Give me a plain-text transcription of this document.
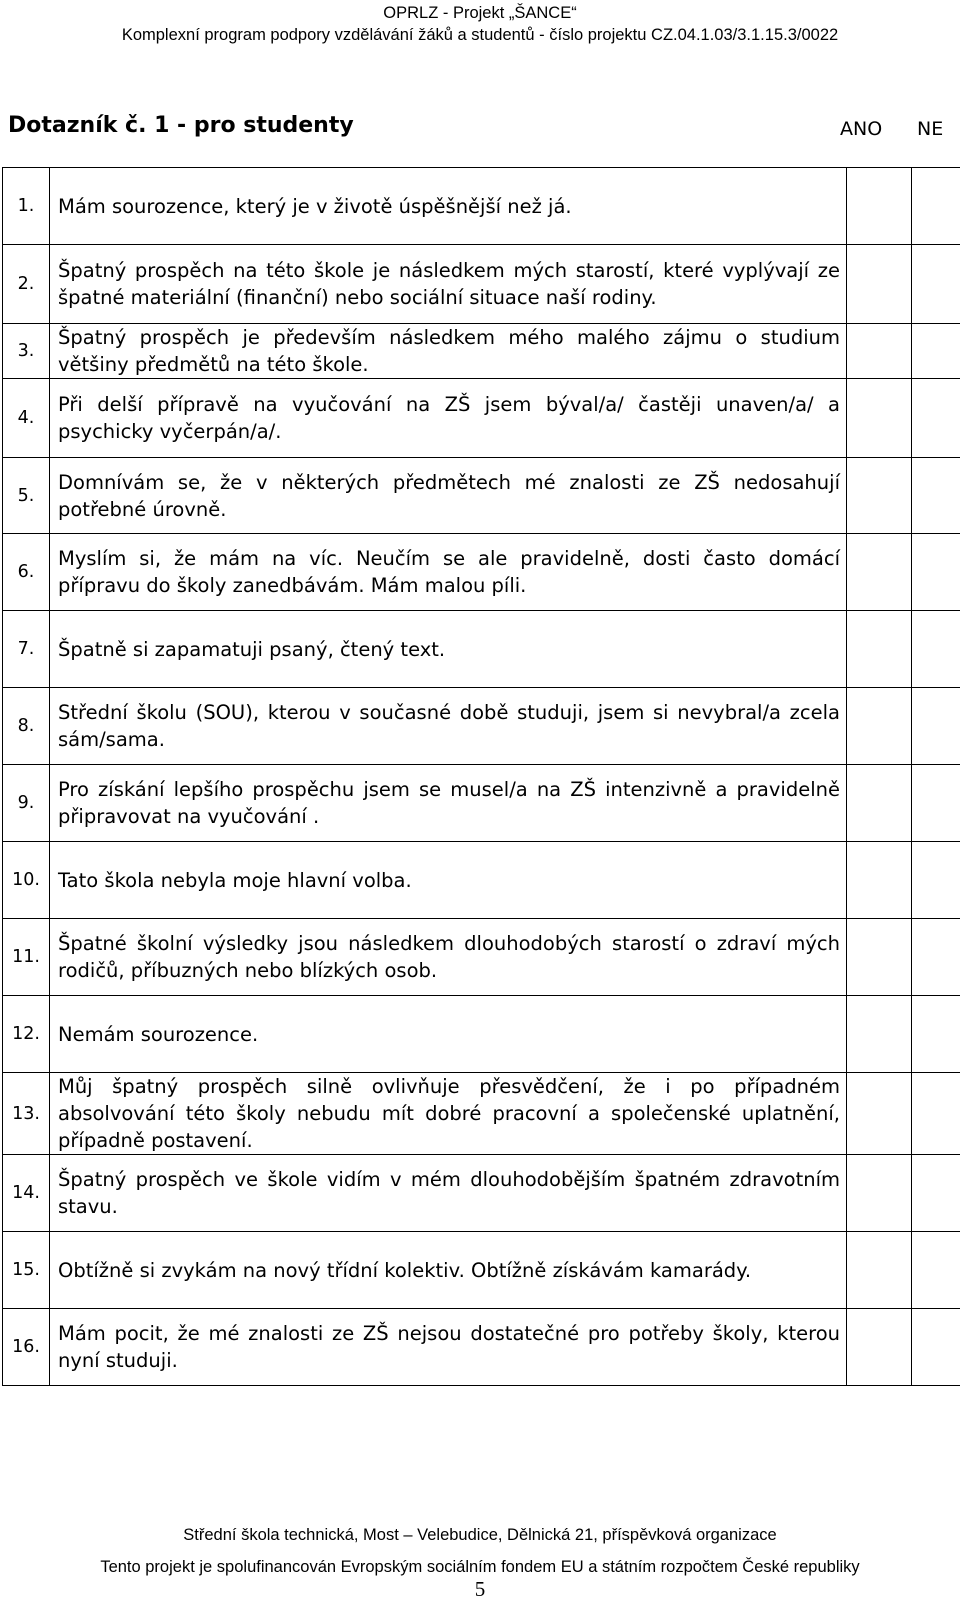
OPRLZ - Projekt „ŠANCE“
Komplexní program podpory vzdělávání žáků a studentů - číslo projektu CZ.04.1.03/3.1.15.3/0022
Dotazník č. 1 - pro studenty	ANO NE
1.	Mám sourozence, který je v životě úspěšnější než já.		
2.	Špatný prospěch na této škole je následkem mých starostí, které vyplývají ze špatné materiální (finanční) nebo sociální situace naší rodiny.		
3.	Špatný prospěch je především následkem mého malého zájmu o studium většiny předmětů na této škole.		
4.	Při delší přípravě na vyučování na ZŠ jsem býval/a/ častěji unaven/a/ a psychicky vyčerpán/a/.		
5.	Domnívám se, že v některých předmětech mé znalosti ze ZŠ nedosahují potřebné úrovně.		
6.	Myslím si, že mám na víc. Neučím se ale pravidelně, dosti často domácí přípravu do školy zanedbávám. Mám malou píli.		
7.	Špatně si zapamatuji psaný, čtený text.		
8.	Střední školu (SOU), kterou v současné době studuji, jsem si nevybral/a zcela sám/sama.		
9.	Pro získání lepšího prospěchu jsem se musel/a na ZŠ intenzivně a pravidelně připravovat na vyučování .		
10.	Tato škola nebyla moje hlavní volba.		
11.	Špatné školní výsledky jsou následkem dlouhodobých starostí o zdraví mých rodičů, příbuzných nebo blízkých osob.		
12.	Nemám sourozence.		
13.	Můj špatný prospěch silně ovlivňuje přesvědčení, že i po případném absolvování této školy nebudu mít dobré pracovní a společenské uplatnění, případně postavení.		
14.	Špatný prospěch ve škole vidím v mém dlouhodobějším špatném zdravotním stavu.		
15.	Obtížně si zvykám na nový třídní kolektiv. Obtížně získávám kamarády.		
16.	Mám pocit, že mé znalosti ze ZŠ nejsou dostatečné pro potřeby školy, kterou nyní studuji.		
Střední škola technická, Most – Velebudice, Dělnická 21, příspěvková organizace
Tento projekt je spolufinancován Evropským sociálním fondem EU a státním rozpočtem České republiky
5
